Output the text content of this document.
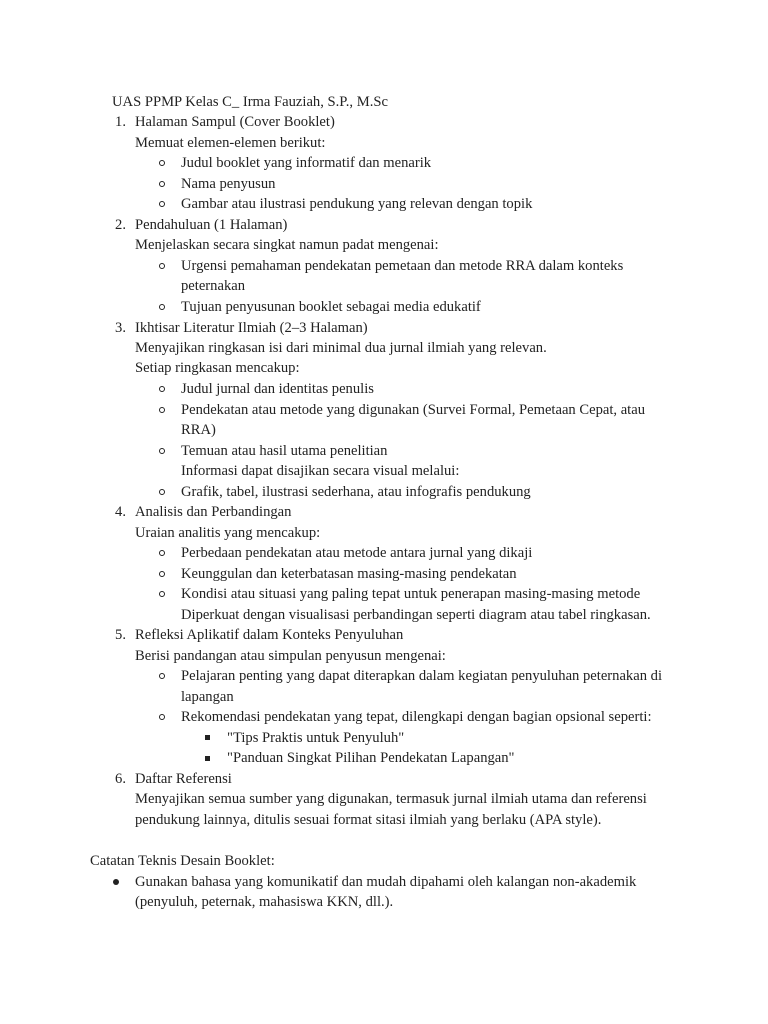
UAS PPMP Kelas C_ Irma Fauziah, S.P., M.Sc
1. Halaman Sampul (Cover Booklet)
Memuat elemen-elemen berikut:
Judul booklet yang informatif dan menarik
Nama penyusun
Gambar atau ilustrasi pendukung yang relevan dengan topik
2. Pendahuluan (1 Halaman)
Menjelaskan secara singkat namun padat mengenai:
Urgensi pemahaman pendekatan pemetaan dan metode RRA dalam konteks
peternakan
Tujuan penyusunan booklet sebagai media edukatif
3. Ikhtisar Literatur Ilmiah (2–3 Halaman)
Menyajikan ringkasan isi dari minimal dua jurnal ilmiah yang relevan.
Setiap ringkasan mencakup:
Judul jurnal dan identitas penulis
Pendekatan atau metode yang digunakan (Survei Formal, Pemetaan Cepat, atau
RRA)
Temuan atau hasil utama penelitian
Informasi dapat disajikan secara visual melalui:
Grafik, tabel, ilustrasi sederhana, atau infografis pendukung
4. Analisis dan Perbandingan
Uraian analitis yang mencakup:
Perbedaan pendekatan atau metode antara jurnal yang dikaji
Keunggulan dan keterbatasan masing-masing pendekatan
Kondisi atau situasi yang paling tepat untuk penerapan masing-masing metode
Diperkuat dengan visualisasi perbandingan seperti diagram atau tabel ringkasan.
5. Refleksi Aplikatif dalam Konteks Penyuluhan
Berisi pandangan atau simpulan penyusun mengenai:
Pelajaran penting yang dapat diterapkan dalam kegiatan penyuluhan peternakan di
lapangan
Rekomendasi pendekatan yang tepat, dilengkapi dengan bagian opsional seperti:
"Tips Praktis untuk Penyuluh"
"Panduan Singkat Pilihan Pendekatan Lapangan"
6. Daftar Referensi
Menyajikan semua sumber yang digunakan, termasuk jurnal ilmiah utama dan referensi
pendukung lainnya, ditulis sesuai format sitasi ilmiah yang berlaku (APA style).
Catatan Teknis Desain Booklet:
Gunakan bahasa yang komunikatif dan mudah dipahami oleh kalangan non-akademik
(penyuluh, peternak, mahasiswa KKN, dll.).
